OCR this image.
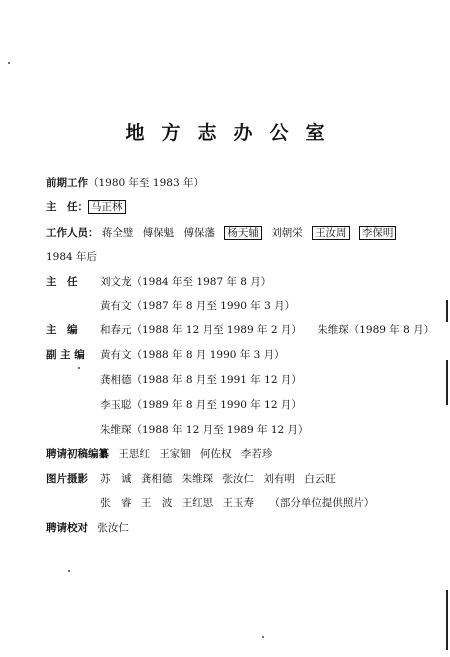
地方志办公室
前期工作（1980 年至 1983 年）
主　任： 马正林
工作人员： 蒋全璧 傅保魁 傅保藩 杨天辅 刘朝栄 王汝周 李保明
1984 年后
主　任 刘文龙（1984 年至 1987 年 8 月）
黄有文（1987 年 8 月至 1990 年 3 月）
主　编 和春元（1988 年 12 月至 1989 年 2 月） 朱维琛（1989 年 8 月）
副 主 编 黄有文（1988 年 8 月 1990 年 3 月）
龚相德（1988 年 8 月至 1991 年 12 月）
李玉聪（1989 年 8 月至 1990 年 12 月）
朱维琛（1988 年 12 月至 1989 年 12 月）
聘请初稿编纂 王思红 王家钿 何佐权 李若珍
图片摄影 苏　诚 龚相德 朱维琛 张汝仁 刘有明 白云旺
张　睿 王　波 王红思 王玉寿 （部分单位提供照片）
聘请校对 张汝仁
